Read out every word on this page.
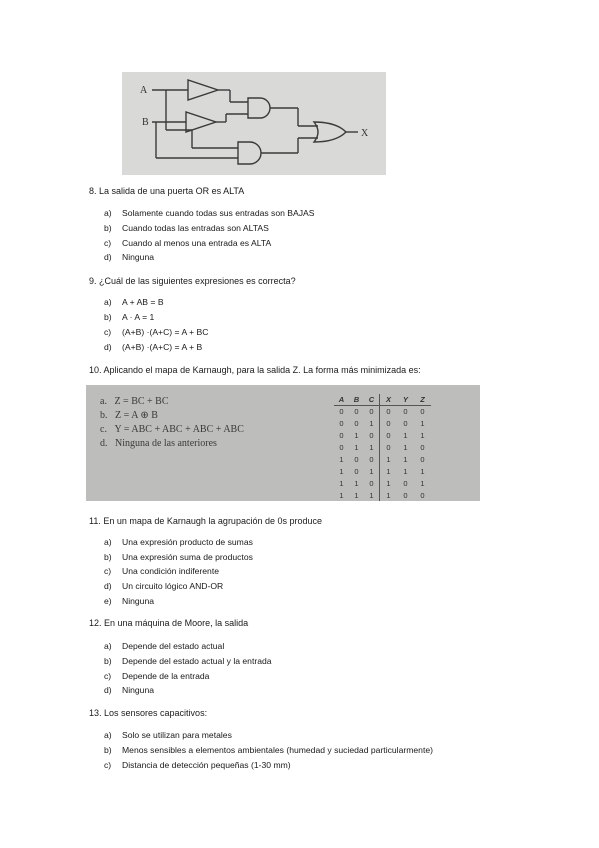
A
B
X
8. La salida de una puerta OR es ALTA
a) Solamente cuando todas sus entradas son BAJAS
b) Cuando todas las entradas son ALTAS
c) Cuando al menos una entrada es ALTA
d) Ninguna
9. ¿Cuál de las siguientes expresiones es correcta?
a) A + AB = B
b) A · A = 1
c) (A+B) ·(A+C) = A + BC
d) (A+B) ·(A+C) = A + B
10. Aplicando el mapa de Karnaugh, para la salida Z. La forma más minimizada es:
a. Z = BC + BC
b. Z = A ⊕ B
c. Y = ABC + ABC + ABC + ABC
d. Ninguna de las anteriores
A	B	C	X	Y	Z
0	0	0	0	0	0
0	0	1	0	0	1
0	1	0	0	1	1
0	1	1	0	1	0
1	0	0	1	1	0
1	0	1	1	1	1
1	1	0	1	0	1
1	1	1	1	0	0
11. En un mapa de Karnaugh la agrupación de 0s produce
a) Una expresión producto de sumas
b) Una expresión suma de productos
c) Una condición indiferente
d) Un circuito lógico AND-OR
e) Ninguna
12. En una máquina de Moore, la salida
a) Depende del estado actual
b) Depende del estado actual y la entrada
c) Depende de la entrada
d) Ninguna
13. Los sensores capacitivos:
a) Solo se utilizan para metales
b) Menos sensibles a elementos ambientales (humedad y suciedad particularmente)
c) Distancia de detección pequeñas (1-30 mm)
